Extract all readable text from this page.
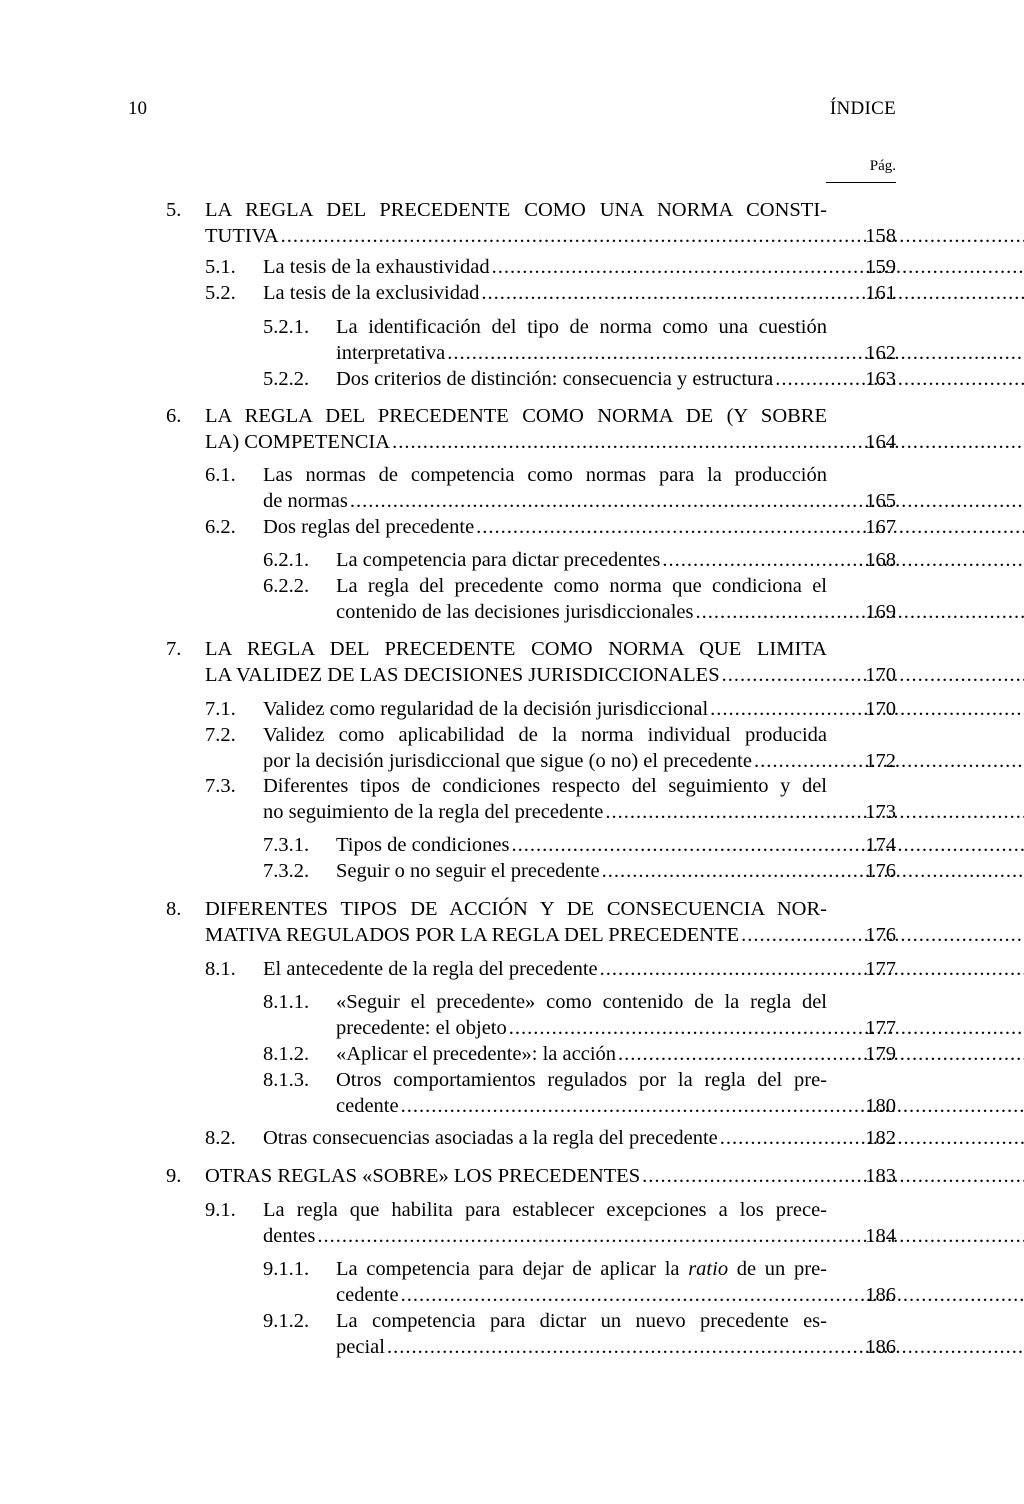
10	ÍNDICE
Pág.
5. LA REGLA DEL PRECEDENTE COMO UNA NORMA CONSTI-
TUTIVA .....	158
5.1. La tesis de la exhaustividad .....	159
5.2. La tesis de la exclusividad .....	161
5.2.1. La identificación del tipo de norma como una cuestión
interpretativa .....	162
5.2.2. Dos criterios de distinción: consecuencia y estructura .....	163
6. LA REGLA DEL PRECEDENTE COMO NORMA DE (Y SOBRE
LA) COMPETENCIA .....	164
6.1. Las normas de competencia como normas para la producción
de normas .....	165
6.2. Dos reglas del precedente .....	167
6.2.1. La competencia para dictar precedentes .....	168
6.2.2. La regla del precedente como norma que condiciona el
contenido de las decisiones jurisdiccionales .....	169
7. LA REGLA DEL PRECEDENTE COMO NORMA QUE LIMITA
LA VALIDEZ DE LAS DECISIONES JURISDICCIONALES .....	170
7.1. Validez como regularidad de la decisión jurisdiccional .....	170
7.2. Validez como aplicabilidad de la norma individual producida
por la decisión jurisdiccional que sigue (o no) el precedente .....	172
7.3. Diferentes tipos de condiciones respecto del seguimiento y del
no seguimiento de la regla del precedente .....	173
7.3.1. Tipos de condiciones .....	174
7.3.2. Seguir o no seguir el precedente .....	176
8. DIFERENTES TIPOS DE ACCIÓN Y DE CONSECUENCIA NOR-
MATIVA REGULADOS POR LA REGLA DEL PRECEDENTE .....	176
8.1. El antecedente de la regla del precedente .....	177
8.1.1. «Seguir el precedente» como contenido de la regla del
precedente: el objeto .....	177
8.1.2. «Aplicar el precedente»: la acción .....	179
8.1.3. Otros comportamientos regulados por la regla del pre-
cedente .....	180
8.2. Otras consecuencias asociadas a la regla del precedente .....	182
9. OTRAS REGLAS «SOBRE» LOS PRECEDENTES .....	183
9.1. La regla que habilita para establecer excepciones a los prece-
dentes .....	184
9.1.1. La competencia para dejar de aplicar la ratio de un pre-
cedente .....	186
9.1.2. La competencia para dictar un nuevo precedente es-
pecial .....	186
